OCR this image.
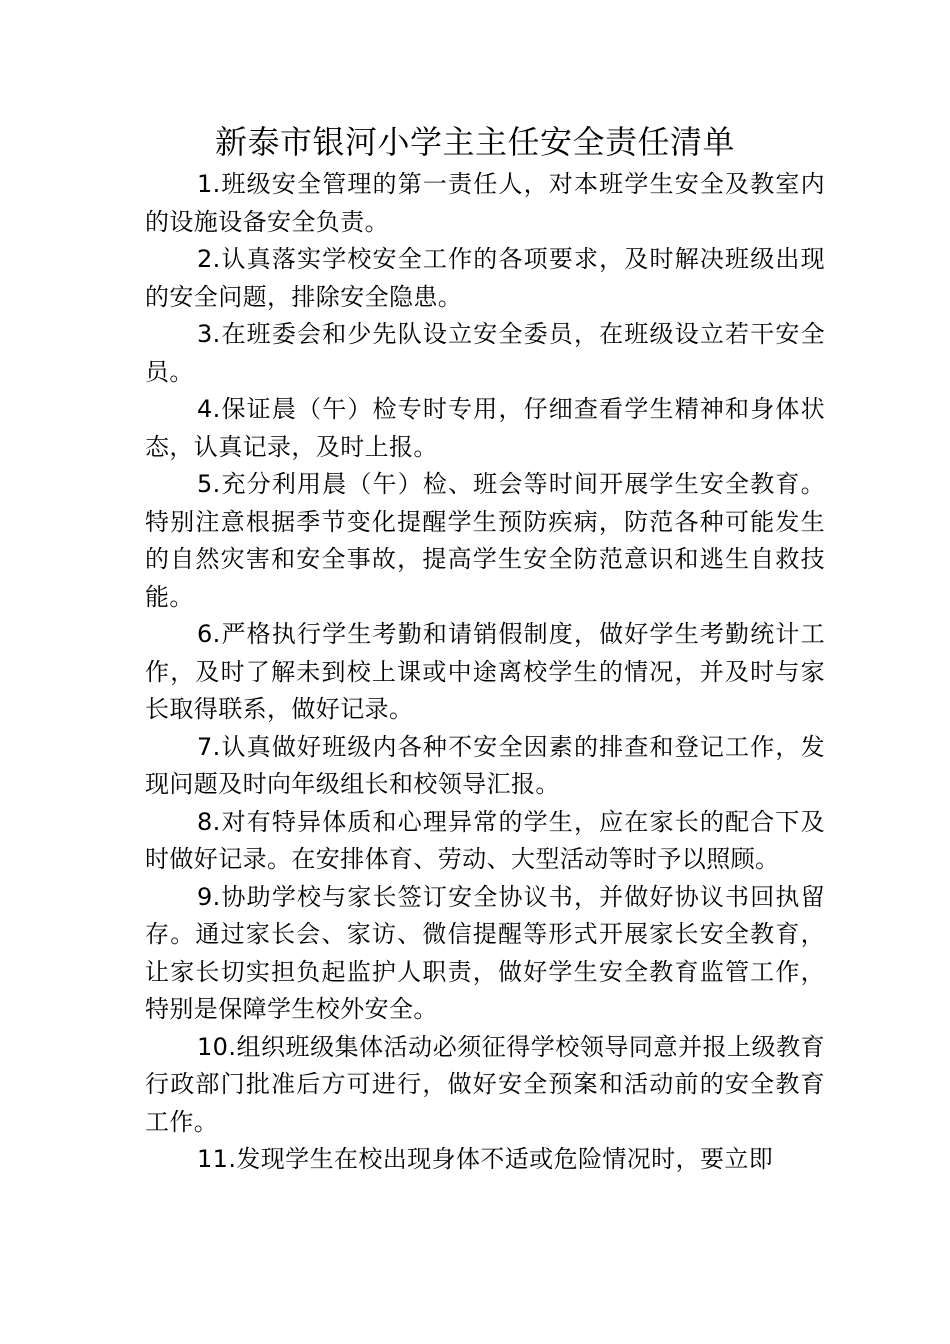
新泰市银河小学主主任安全责任清单

1.班级安全管理的第一责任人，对本班学生安全及教室内的设施设备安全负责。

2.认真落实学校安全工作的各项要求，及时解决班级出现的安全问题，排除安全隐患。

3.在班委会和少先队设立安全委员，在班级设立若干安全员。

4.保证晨（午）检专时专用，仔细查看学生精神和身体状态，认真记录，及时上报。

5.充分利用晨（午）检、班会等时间开展学生安全教育。特别注意根据季节变化提醒学生预防疾病，防范各种可能发生的自然灾害和安全事故，提高学生安全防范意识和逃生自救技能。

6.严格执行学生考勤和请销假制度，做好学生考勤统计工作，及时了解未到校上课或中途离校学生的情况，并及时与家长取得联系，做好记录。

7.认真做好班级内各种不安全因素的排查和登记工作，发现问题及时向年级组长和校领导汇报。

8.对有特异体质和心理异常的学生，应在家长的配合下及时做好记录。在安排体育、劳动、大型活动等时予以照顾。

9.协助学校与家长签订安全协议书，并做好协议书回执留存。通过家长会、家访、微信提醒等形式开展家长安全教育，让家长切实担负起监护人职责，做好学生安全教育监管工作，特别是保障学生校外安全。

10.组织班级集体活动必须征得学校领导同意并报上级教育行政部门批准后方可进行，做好安全预案和活动前的安全教育工作。

11.发现学生在校出现身体不适或危险情况时，要立即
